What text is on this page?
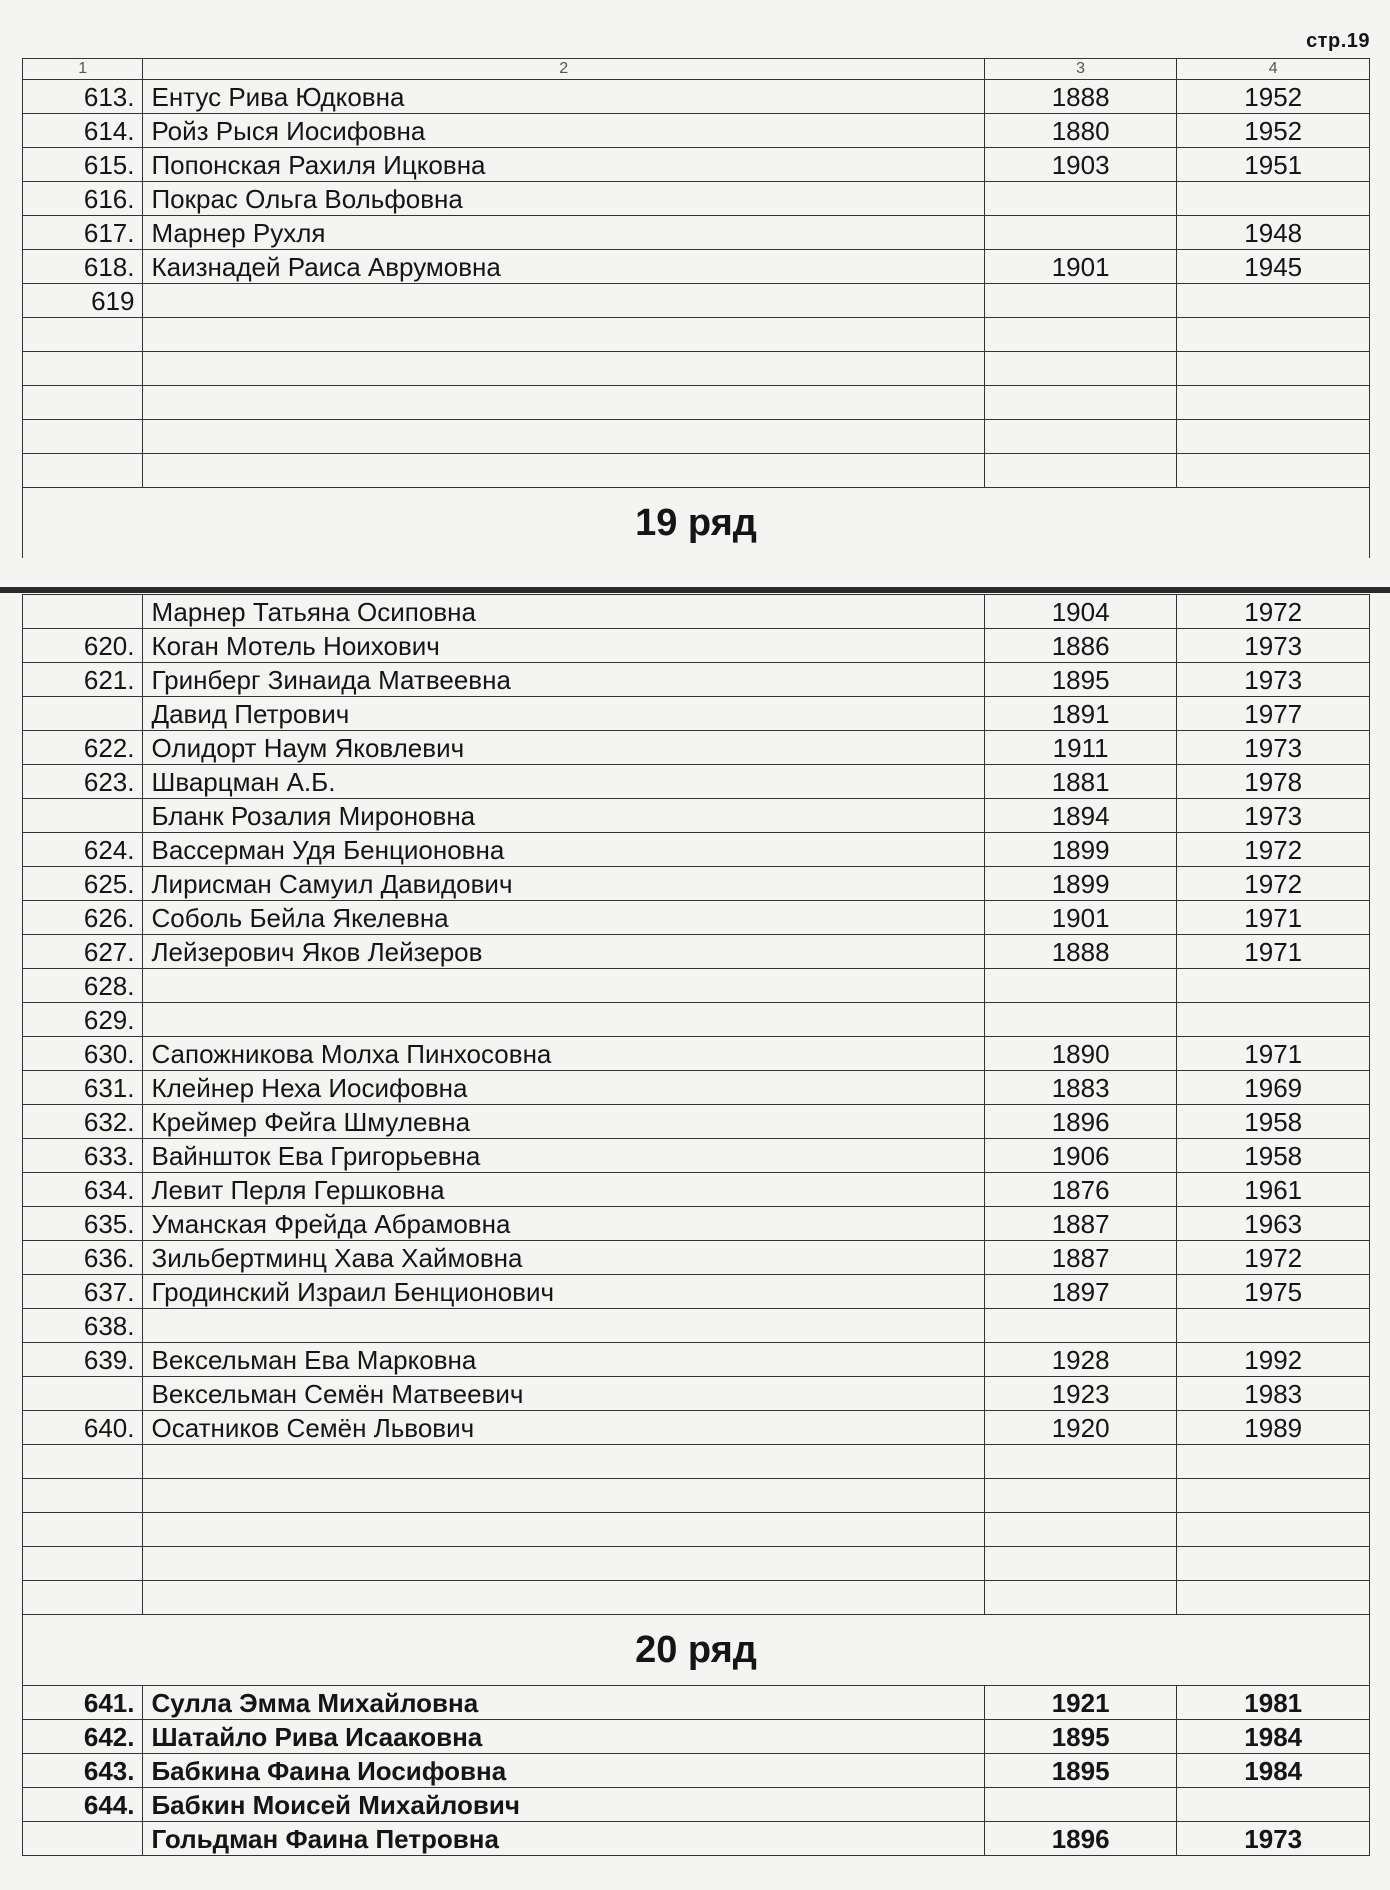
стр.19
1	2	3	4
613.	Ентус Рива Юдковна	1888	1952
614.	Ройз Рыся Иосифовна	1880	1952
615.	Попонская Рахиля Ицковна	1903	1951
616.	Покрас Ольга Вольфовна		
617.	Марнер Рухля		1948
618.	Каизнадей Раиса Аврумовна	1901	1945
619			

19 ряд
	Марнер Татьяна Осиповна	1904	1972
620.	Коган Мотель Ноихович	1886	1973
621.	Гринберг Зинаида Матвеевна	1895	1973
	Давид Петрович	1891	1977
622.	Олидорт Наум Яковлевич	1911	1973
623.	Шварцман А.Б.	1881	1978
	Бланк Розалия Мироновна	1894	1973
624.	Вассерман Удя Бенционовна	1899	1972
625.	Лирисман Самуил Давидович	1899	1972
626.	Соболь Бейла Якелевна	1901	1971
627.	Лейзерович Яков Лейзеров	1888	1971
628.			
629.			
630.	Сапожникова Молха Пинхосовна	1890	1971
631.	Клейнер Неха Иосифовна	1883	1969
632.	Креймер Фейга Шмулевна	1896	1958
633.	Вайншток Ева Григорьевна	1906	1958
634.	Левит Перля Гершковна	1876	1961
635.	Уманская Фрейда Абрамовна	1887	1963
636.	Зильбертминц Хава Хаймовна	1887	1972
637.	Гродинский Израил Бенционович	1897	1975
638.			
639.	Вексельман Ева Марковна	1928	1992
	Вексельман Семён Матвеевич	1923	1983
640.	Осатников Семён Львович	1920	1989

20 ряд
641.	Сулла Эмма Михайловна	1921	1981
642.	Шатайло Рива Исааковна	1895	1984
643.	Бабкина Фаина Иосифовна	1895	1984
644.	Бабкин Моисей Михайлович		
	Гольдман Фаина Петровна	1896	1973
